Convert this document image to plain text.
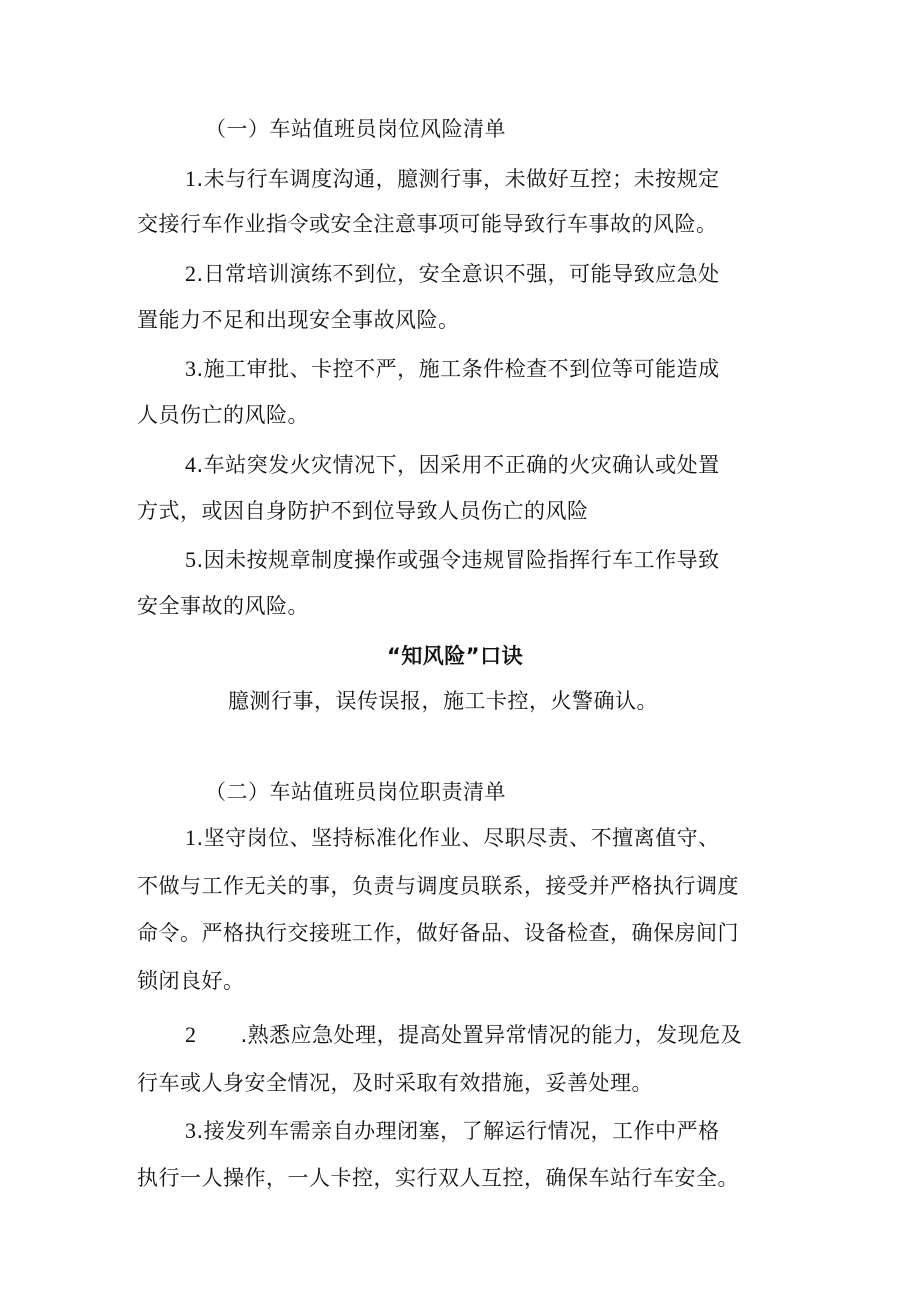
（一）车站值班员岗位风险清单
1.未与行车调度沟通，臆测行事，未做好互控；未按规定
交接行车作业指令或安全注意事项可能导致行车事故的风险。
2.日常培训演练不到位，安全意识不强，可能导致应急处
置能力不足和出现安全事故风险。
3.施工审批、卡控不严，施工条件检查不到位等可能造成
人员伤亡的风险。
4.车站突发火灾情况下，因采用不正确的火灾确认或处置
方式，或因自身防护不到位导致人员伤亡的风险
5.因未按规章制度操作或强令违规冒险指挥行车工作导致
安全事故的风险。
“知风险”口诀
臆测行事，误传误报，施工卡控，火警确认。
（二）车站值班员岗位职责清单
1.坚守岗位、坚持标准化作业、尽职尽责、不擅离值守、
不做与工作无关的事，负责与调度员联系，接受并严格执行调度
命令。严格执行交接班工作，做好备品、设备检查，确保房间门
锁闭良好。
2 .熟悉应急处理，提高处置异常情况的能力，发现危及
行车或人身安全情况，及时采取有效措施，妥善处理。
3.接发列车需亲自办理闭塞，了解运行情况，工作中严格
执行一人操作，一人卡控，实行双人互控，确保车站行车安全。
